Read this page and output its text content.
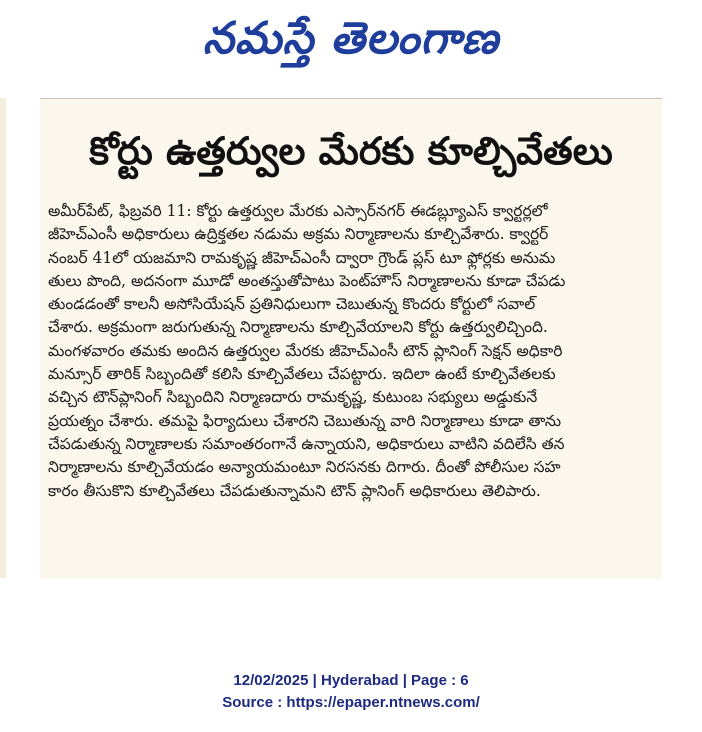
నమస్తే తెలంగాణ
కోర్టు ఉత్తర్వుల మేరకు కూల్చివేతలు
అమీర్‌పేట్, ఫిబ్రవరి 11: కోర్టు ఉత్తర్వుల మేరకు ఎస్సార్‌నగర్ ఈడబ్ల్యూఎస్ క్వార్టర్లలో
జీహెచ్‌ఎంసీ అధికారులు ఉద్రిక్తతల నడుమ అక్రమ నిర్మాణాలను కూల్చివేశారు. క్వార్టర్
నంబర్ 41లో యజమాని రామకృష్ణ జీహెచ్‌ఎంసీ ద్వారా గ్రౌండ్ ప్లస్ టూ ఫ్లోర్లకు అనుమ
తులు పొంది, అదనంగా మూడో అంతస్తుతోపాటు పెంట్‌హౌస్ నిర్మాణాలను కూడా చేపడు
తుండడంతో కాలనీ అసోసియేషన్ ప్రతినిధులుగా చెబుతున్న కొందరు కోర్టులో సవాల్
చేశారు. అక్రమంగా జరుగుతున్న నిర్మాణాలను కూల్చివేయాలని కోర్టు ఉత్తర్వులిచ్చింది.
మంగళవారం తమకు అందిన ఉత్తర్వుల మేరకు జీహెచ్‌ఎంసీ టౌన్ ప్లానింగ్ సెక్షన్ అధికారి
మన్సూర్ తారిక్ సిబ్బందితో కలిసి కూల్చివేతలు చేపట్టారు. ఇదిలా ఉంటే కూల్చివేతలకు
వచ్చిన టౌన్‌ప్లానింగ్ సిబ్బందిని నిర్మాణదారు రామకృష్ణ, కుటుంబ సభ్యులు అడ్డుకునే
ప్రయత్నం చేశారు. తమపై ఫిర్యాదులు చేశారని చెబుతున్న వారి నిర్మాణాలు కూడా తాను
చేపడుతున్న నిర్మాణాలకు సమాంతరంగానే ఉన్నాయని, అధికారులు వాటిని వదిలేసి తన
నిర్మాణాలను కూల్చివేయడం అన్యాయమంటూ నిరసనకు దిగారు. దీంతో పోలీసుల సహ
కారం తీసుకొని కూల్చివేతలు చేపడుతున్నామని టౌన్ ప్లానింగ్ అధికారులు తెలిపారు.
12/02/2025 | Hyderabad | Page : 6
Source : https://epaper.ntnews.com/
